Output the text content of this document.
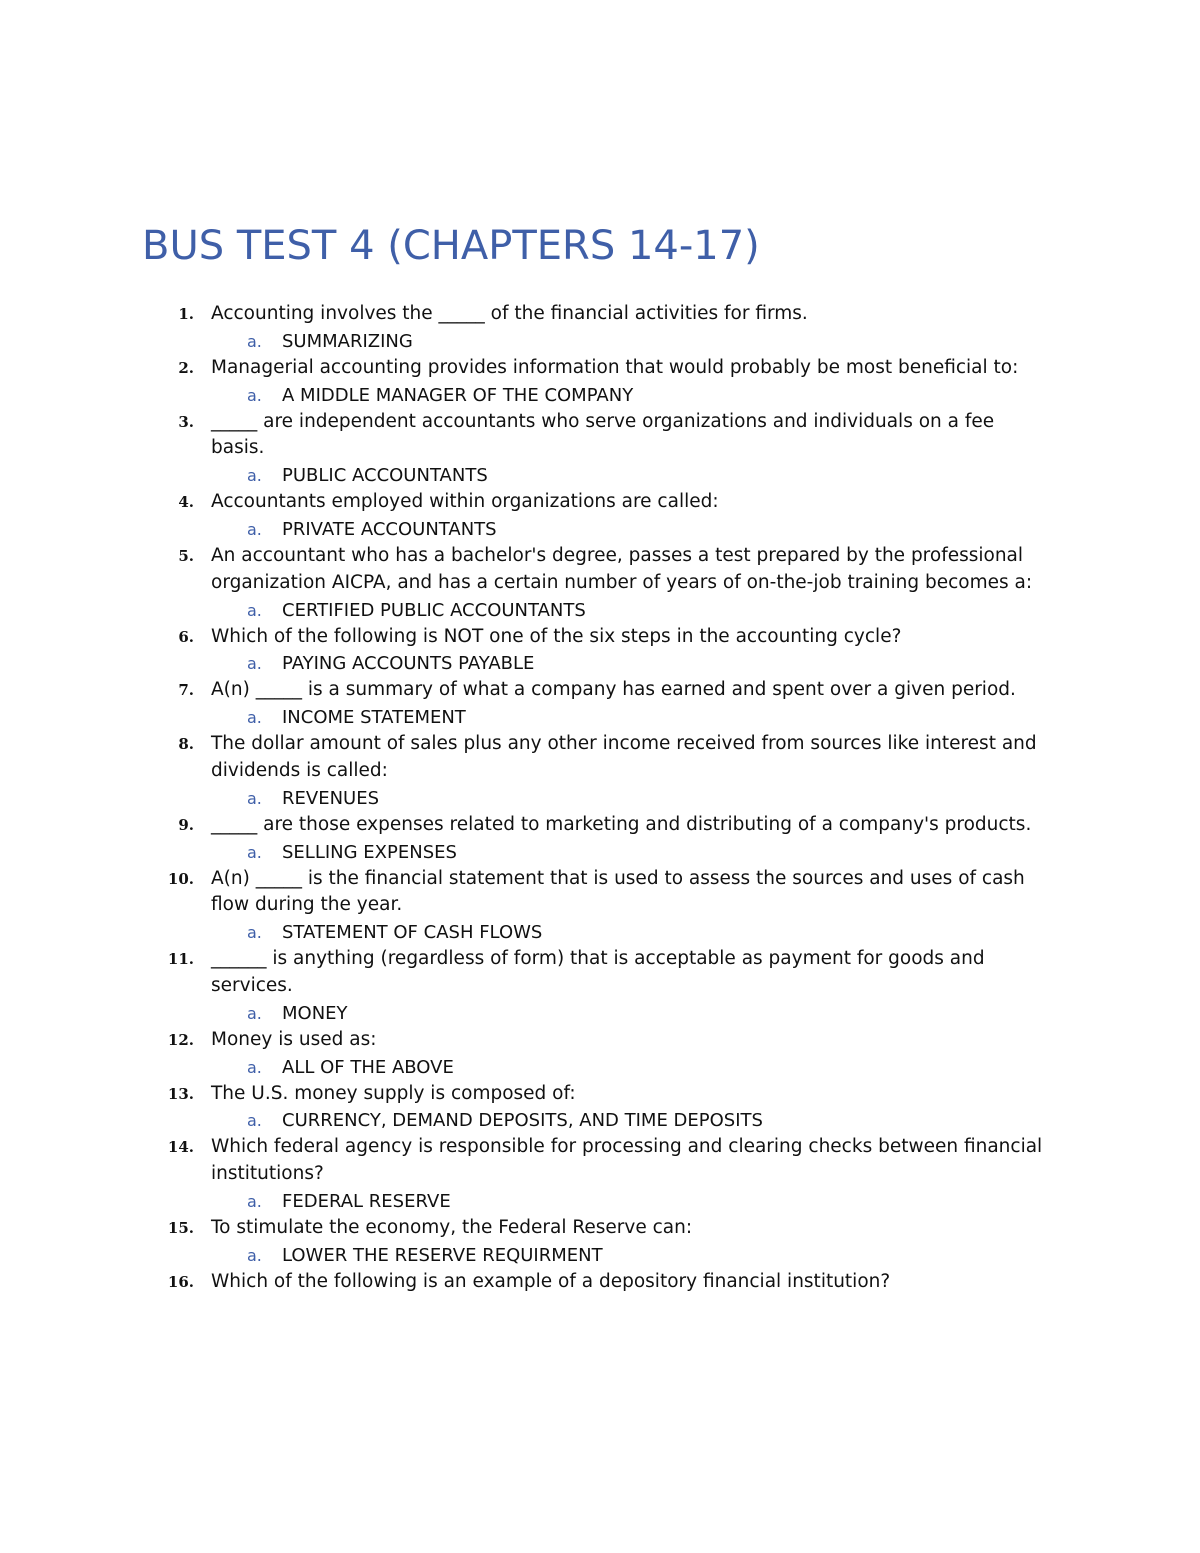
BUS TEST 4 (CHAPTERS 14-17)
1. Accounting involves the _____ of the financial activities for firms.
a. SUMMARIZING
2. Managerial accounting provides information that would probably be most beneficial to:
a. A MIDDLE MANAGER OF THE COMPANY
3. _____ are independent accountants who serve organizations and individuals on a fee basis.
a. PUBLIC ACCOUNTANTS
4. Accountants employed within organizations are called:
a. PRIVATE ACCOUNTANTS
5. An accountant who has a bachelor's degree, passes a test prepared by the professional organization AICPA, and has a certain number of years of on-the-job training becomes a:
a. CERTIFIED PUBLIC ACCOUNTANTS
6. Which of the following is NOT one of the six steps in the accounting cycle?
a. PAYING ACCOUNTS PAYABLE
7. A(n) _____ is a summary of what a company has earned and spent over a given period.
a. INCOME STATEMENT
8. The dollar amount of sales plus any other income received from sources like interest and dividends is called:
a. REVENUES
9. _____ are those expenses related to marketing and distributing of a company's products.
a. SELLING EXPENSES
10. A(n) _____ is the financial statement that is used to assess the sources and uses of cash flow during the year.
a. STATEMENT OF CASH FLOWS
11. ______ is anything (regardless of form) that is acceptable as payment for goods and services.
a. MONEY
12. Money is used as:
a. ALL OF THE ABOVE
13. The U.S. money supply is composed of:
a. CURRENCY, DEMAND DEPOSITS, AND TIME DEPOSITS
14. Which federal agency is responsible for processing and clearing checks between financial institutions?
a. FEDERAL RESERVE
15. To stimulate the economy, the Federal Reserve can:
a. LOWER THE RESERVE REQUIRMENT
16. Which of the following is an example of a depository financial institution?
